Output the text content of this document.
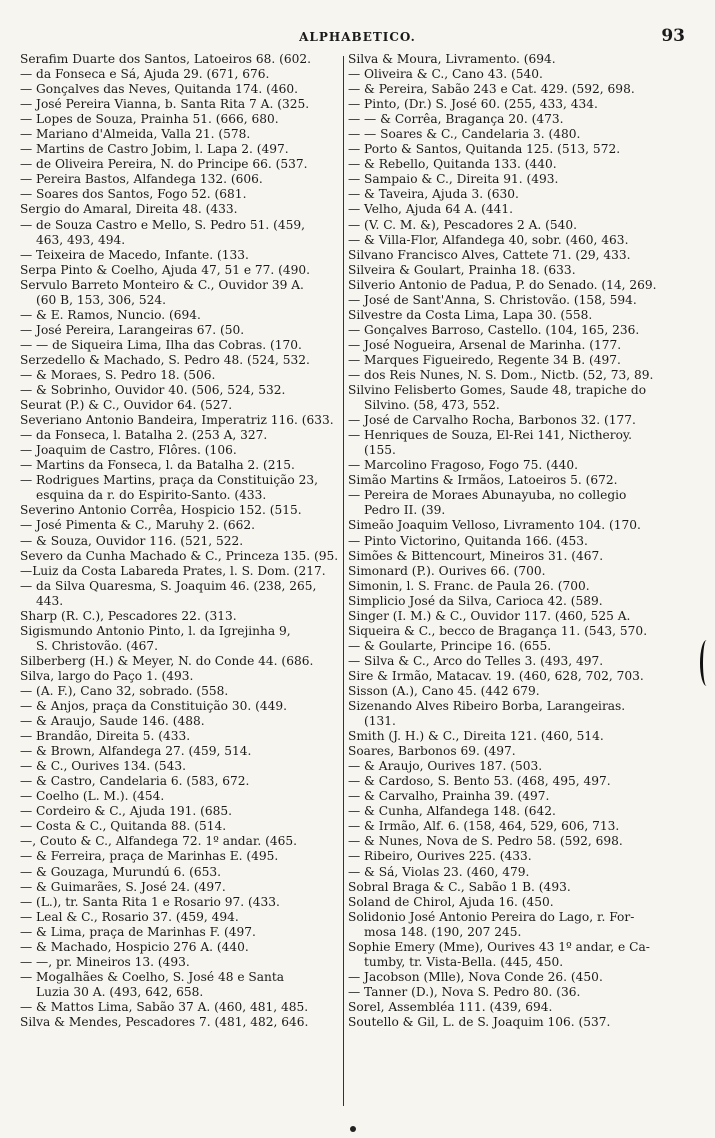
ALPHABETICO.	93
Serafim Duarte dos Santos, Latoeiros 68. (602.
— da Fonseca e Sá, Ajuda 29. (671, 676.
— Gonçalves das Neves, Quitanda 174. (460.
— José Pereira Vianna, b. Santa Rita 7 A. (325.
— Lopes de Souza, Prainha 51. (666, 680.
— Mariano d'Almeida, Valla 21. (578.
— Martins de Castro Jobim, l. Lapa 2. (497.
— de Oliveira Pereira, N. do Principe 66. (537.
— Pereira Bastos, Alfandega 132. (606.
— Soares dos Santos, Fogo 52. (681.
Sergio do Amaral, Direita 48. (433.
— de Souza Castro e Mello, S. Pedro 51. (459,
463, 493, 494.
— Teixeira de Macedo, Infante. (133.
Serpa Pinto & Coelho, Ajuda 47, 51 e 77. (490.
Servulo Barreto Monteiro & C., Ouvidor 39 A.
(60 B, 153, 306, 524.
— & E. Ramos, Nuncio. (694.
— José Pereira, Larangeiras 67. (50.
— — de Siqueira Lima, Ilha das Cobras. (170.
Serzedello & Machado, S. Pedro 48. (524, 532.
— & Moraes, S. Pedro 18. (506.
— & Sobrinho, Ouvidor 40. (506, 524, 532.
Seurat (P.) & C., Ouvidor 64. (527.
Severiano Antonio Bandeira, Imperatriz 116. (633.
— da Fonseca, l. Batalha 2. (253 A, 327.
— Joaquim de Castro, Flôres. (106.
— Martins da Fonseca, l. da Batalha 2. (215.
— Rodrigues Martins, praça da Constituição 23,
esquina da r. do Espirito-Santo. (433.
Severino Antonio Corrêa, Hospicio 152. (515.
— José Pimenta & C., Maruhy 2. (662.
— & Souza, Ouvidor 116. (521, 522.
Severo da Cunha Machado & C., Princeza 135. (95.
—Luiz da Costa Labareda Prates, l. S. Dom. (217.
— da Silva Quaresma, S. Joaquim 46. (238, 265,
443.
Sharp (R. C.), Pescadores 22. (313.
Sigismundo Antonio Pinto, l. da Igrejinha 9,
S. Christovão. (467.
Silberberg (H.) & Meyer, N. do Conde 44. (686.
Silva, largo do Paço 1. (493.
— (A. F.), Cano 32, sobrado. (558.
— & Anjos, praça da Constituição 30. (449.
— & Araujo, Saude 146. (488.
— Brandão, Direita 5. (433.
— & Brown, Alfandega 27. (459, 514.
— & C., Ourives 134. (543.
— & Castro, Candelaria 6. (583, 672.
— Coelho (L. M.). (454.
— Cordeiro & C., Ajuda 191. (685.
— Costa & C., Quitanda 88. (514.
—, Couto & C., Alfandega 72. 1º andar. (465.
— & Ferreira, praça de Marinhas E. (495.
— & Gouzaga, Murundú 6. (653.
— & Guimarães, S. José 24. (497.
— (L.), tr. Santa Rita 1 e Rosario 97. (433.
— Leal & C., Rosario 37. (459, 494.
— & Lima, praça de Marinhas F. (497.
— & Machado, Hospicio 276 A. (440.
— —, pr. Mineiros 13. (493.
— Mogalhães & Coelho, S. José 48 e Santa
Luzia 30 A. (493, 642, 658.
— & Mattos Lima, Sabão 37 A. (460, 481, 485.
Silva & Mendes, Pescadores 7. (481, 482, 646.
Silva & Moura, Livramento. (694.
— Oliveira & C., Cano 43. (540.
— & Pereira, Sabão 243 e Cat. 429. (592, 698.
— Pinto, (Dr.) S. José 60. (255, 433, 434.
— — & Corrêa, Bragança 20. (473.
— — Soares & C., Candelaria 3. (480.
— Porto & Santos, Quitanda 125. (513, 572.
— & Rebello, Quitanda 133. (440.
— Sampaio & C., Direita 91. (493.
— & Taveira, Ajuda 3. (630.
— Velho, Ajuda 64 A. (441.
— (V. C. M. &), Pescadores 2 A. (540.
— & Villa-Flor, Alfandega 40, sobr. (460, 463.
Silvano Francisco Alves, Cattete 71. (29, 433.
Silveira & Goulart, Prainha 18. (633.
Silverio Antonio de Padua, P. do Senado. (14, 269.
— José de Sant'Anna, S. Christovão. (158, 594.
Silvestre da Costa Lima, Lapa 30. (558.
— Gonçalves Barroso, Castello. (104, 165, 236.
— José Nogueira, Arsenal de Marinha. (177.
— Marques Figueiredo, Regente 34 B. (497.
— dos Reis Nunes, N. S. Dom., Nictb. (52, 73, 89.
Silvino Felisberto Gomes, Saude 48, trapiche do
Silvino. (58, 473, 552.
— José de Carvalho Rocha, Barbonos 32. (177.
— Henriques de Souza, El-Rei 141, Nictheroy.
(155.
— Marcolino Fragoso, Fogo 75. (440.
Simão Martins & Irmãos, Latoeiros 5. (672.
— Pereira de Moraes Abunayuba, no collegio
Pedro II. (39.
Simeão Joaquim Velloso, Livramento 104. (170.
— Pinto Victorino, Quitanda 166. (453.
Simões & Bittencourt, Mineiros 31. (467.
Simonard (P.). Ourives 66. (700.
Simonin, l. S. Franc. de Paula 26. (700.
Simplicio José da Silva, Carioca 42. (589.
Singer (I. M.) & C., Ouvidor 117. (460, 525 A.
Siqueira & C., becco de Bragança 11. (543, 570.
— & Goularte, Principe 16. (655.
— Silva & C., Arco do Telles 3. (493, 497.
Sire & Irmão, Matacav. 19. (460, 628, 702, 703.
Sisson (A.), Cano 45. (442 679.
Sizenando Alves Ribeiro Borba, Larangeiras.
(131.
Smith (J. H.) & C., Direita 121. (460, 514.
Soares, Barbonos 69. (497.
— & Araujo, Ourives 187. (503.
— & Cardoso, S. Bento 53. (468, 495, 497.
— & Carvalho, Prainha 39. (497.
— & Cunha, Alfandega 148. (642.
— & Irmão, Alf. 6. (158, 464, 529, 606, 713.
— & Nunes, Nova de S. Pedro 58. (592, 698.
— Ribeiro, Ourives 225. (433.
— & Sá, Violas 23. (460, 479.
Sobral Braga & C., Sabão 1 B. (493.
Soland de Chirol, Ajuda 16. (450.
Solidonio José Antonio Pereira do Lago, r. For-
mosa 148. (190, 207 245.
Sophie Emery (Mme), Ourives 43 1º andar, e Ca-
tumby, tr. Vista-Bella. (445, 450.
— Jacobson (Mlle), Nova Conde 26. (450.
— Tanner (D.), Nova S. Pedro 80. (36.
Sorel, Assembléa 111. (439, 694.
Soutello & Gil, L. de S. Joaquim 106. (537.
